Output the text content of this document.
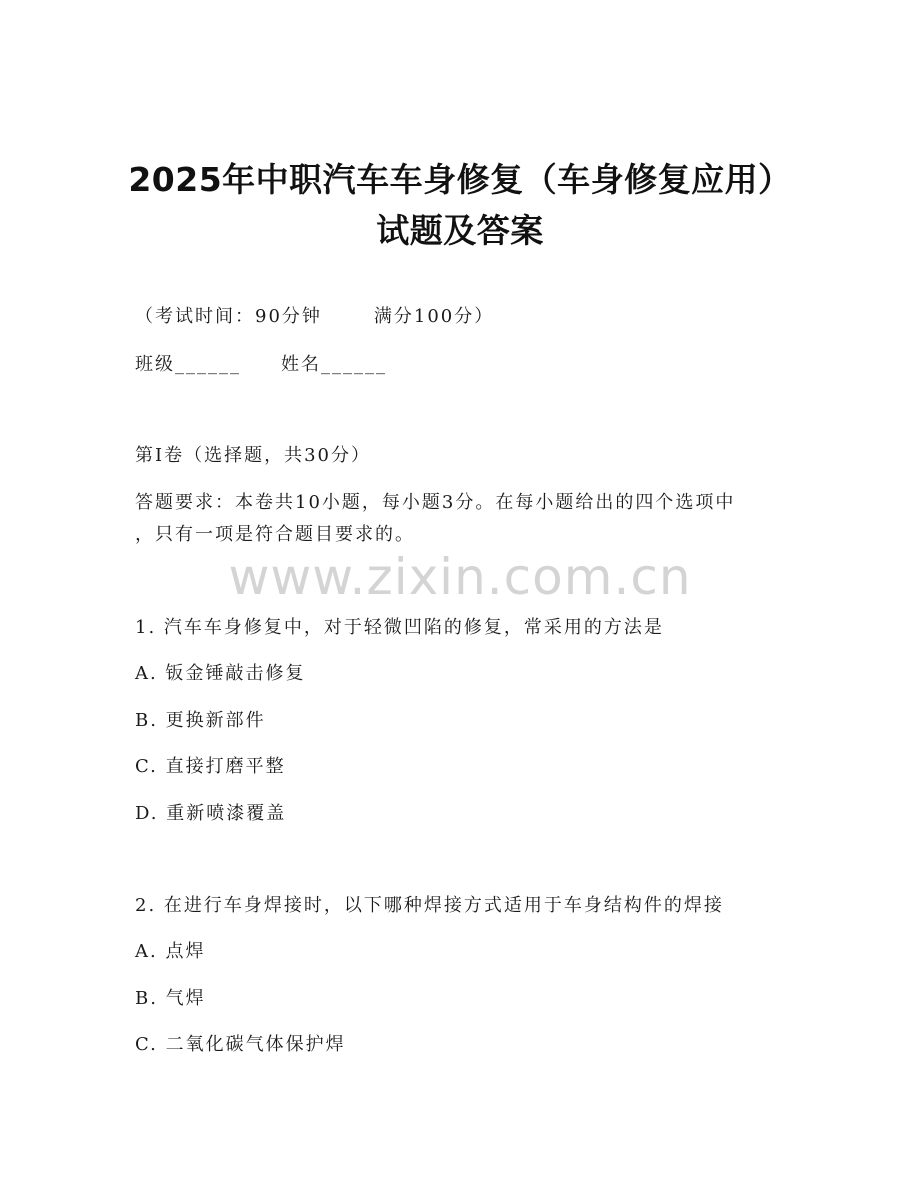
2025年中职汽车车身修复（车身修复应用）
试题及答案
（考试时间：90分钟	满分100分）
班级______ 姓名______
第I卷（选择题，共30分）
答题要求：本卷共10小题，每小题3分。在每小题给出的四个选项中
，只有一项是符合题目要求的。
www.zixin.com.cn
1. 汽车车身修复中，对于轻微凹陷的修复，常采用的方法是
A. 钣金锤敲击修复
B. 更换新部件
C. 直接打磨平整
D. 重新喷漆覆盖
2. 在进行车身焊接时，以下哪种焊接方式适用于车身结构件的焊接
A. 点焊
B. 气焊
C. 二氧化碳气体保护焊
